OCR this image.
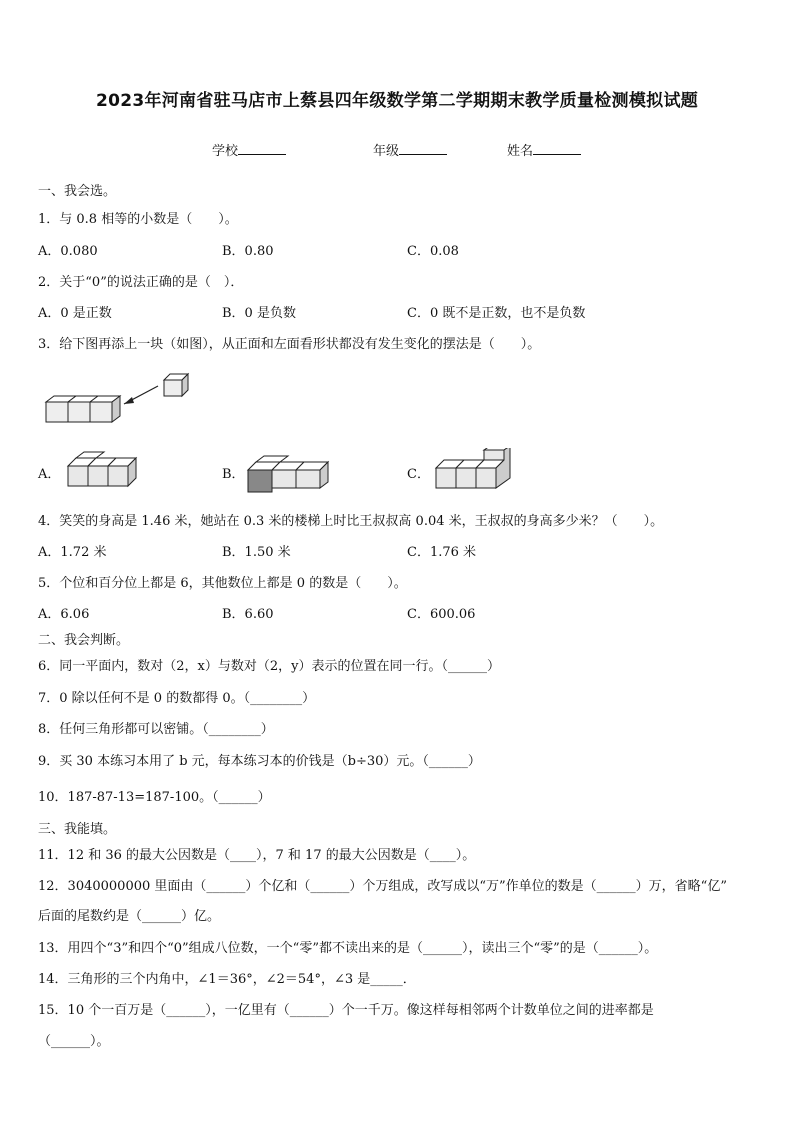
2023年河南省驻马店市上蔡县四年级数学第二学期期末教学质量检测模拟试题
学校	年级	姓名
一、我会选。
1．与 0.8 相等的小数是（　　）。
A．0.080	B．0.80	C．0.08
2．关于“0”的说法正确的是（　）．
A．0 是正数	B．0 是负数	C．0 既不是正数，也不是负数
3．给下图再添上一块（如图），从正面和左面看形状都没有发生变化的摆法是（　　）。
A．	B．	C．
4．笑笑的身高是 1.46 米，她站在 0.3 米的楼梯上时比王叔叔高 0.04 米，王叔叔的身高多少米？（　　）。
A．1.72 米	B．1.50 米	C．1.76 米
5．个位和百分位上都是 6，其他数位上都是 0 的数是（　　）。
A．6.06	B．6.60	C．600.06
二、我会判断。
6．同一平面内，数对（2，x）与数对（2，y）表示的位置在同一行。（______）
7．0 除以任何不是 0 的数都得 0。（________）
8．任何三角形都可以密铺。（________）
9．买 30 本练习本用了 b 元，每本练习本的价钱是（b÷30）元。（______）
10．187-87-13=187-100。（______）
三、我能填。
11．12 和 36 的最大公因数是（____），7 和 17 的最大公因数是（____）。
12．3040000000 里面由（______）个亿和（______）个万组成，改写成以“万”作单位的数是（______）万，省略“亿”
后面的尾数约是（______）亿。
13．用四个“3”和四个“0”组成八位数，一个“零”都不读出来的是（______），读出三个“零”的是（______）。
14．三角形的三个内角中，∠1＝36°，∠2＝54°，∠3 是_____．
15．10 个一百万是（______），一亿里有（______）个一千万。像这样每相邻两个计数单位之间的进率都是
（______）。
